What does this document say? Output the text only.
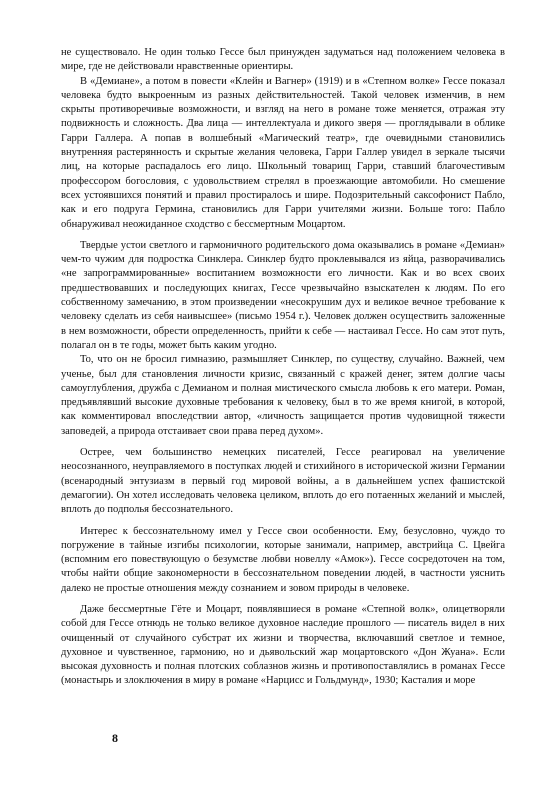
не существовало. Не один только Гессе был принужден задуматься над положением человека в мире, где не действовали нравственные ориентиры.

В «Демиане», а потом в повести «Клейн и Вагнер» (1919) и в «Степном волке» Гессе показал человека будто выкроенным из разных действительностей. Такой человек изменчив, в нем скрыты противоречивые возможности, и взгляд на него в романе тоже меняется, отражая эту подвижность и сложность. Два лица — интеллектуала и дикого зверя — проглядывали в облике Гарри Галлера. А попав в волшебный «Магический театр», где очевидными становились внутренняя растерянность и скрытые желания человека, Гарри Галлер увидел в зеркале тысячи лиц, на которые распадалось его лицо. Школьный товарищ Гарри, ставший благочестивым профессором богословия, с удовольствием стрелял в проезжающие автомобили. Но смешение всех устоявшихся понятий и правил простиралось и шире. Подозрительный саксофонист Пабло, как и его подруга Гермина, становились для Гарри учителями жизни. Больше того: Пабло обнаруживал неожиданное сходство с бессмертным Моцартом.

Твердые устои светлого и гармоничного родительского дома оказывались в романе «Демиан» чем-то чужим для подростка Синклера. Синклер будто проклевывался из яйца, разворачивались «не запрограммированные» воспитанием возможности его личности. Как и во всех своих предшествовавших и последующих книгах, Гессе чрезвычайно взыскателен к людям. По его собственному замечанию, в этом произведении «несокрушим дух и великое вечное требование к человеку сделать из себя наивысшее» (письмо 1954 г.). Человек должен осуществить заложенные в нем возможности, обрести определенность, прийти к себе — настаивал Гессе. Но сам этот путь, полагал он в те годы, может быть каким угодно.

То, что он не бросил гимназию, размышляет Синклер, по существу, случайно. Важней, чем ученье, был для становления личности кризис, связанный с кражей денег, зятем долгие часы самоуглубления, дружба с Демианом и полная мистического смысла любовь к его матери. Роман, предъявлявший высокие духовные требования к человеку, был в то же время книгой, в которой, как комментировал впоследствии автор, «личность защищается против чудовищной тяжести заповедей, а природа отстаивает свои права перед духом».

Острее, чем большинство немецких писателей, Гессе реагировал на увеличение неосознанного, неуправляемого в поступках людей и стихийного в исторической жизни Германии (всенародный энтузиазм в первый год мировой войны, а в дальнейшем успех фашистской демагогии). Он хотел исследовать человека целиком, вплоть до его потаенных желаний и мыслей, вплоть до подполья бессознательного.

Интерес к бессознательному имел у Гессе свои особенности. Ему, безусловно, чуждо то погружение в тайные изгибы психологии, которые занимали, например, австрийца С. Цвейга (вспомним его повествующую о безумстве любви новеллу «Амок»). Гессе сосредоточен на том, чтобы найти общие закономерности в бессознательном поведении людей, в частности уяснить далеко не простые отношения между сознанием и зовом природы в человеке.

Даже бессмертные Гёте и Моцарт, появлявшиеся в романе «Степной волк», олицетворяли собой для Гессе отнюдь не только великое духовное наследие прошлого — писатель видел в них очищенный от случайного субстрат их жизни и творчества, включавший светлое и темное, духовное и чувственное, гармонию, но и дьявольский жар моцартовского «Дон Жуана». Если высокая духовность и полная плотских соблазнов жизнь и противопоставлялись в романах Гессе (монастырь и злоключения в миру в романе «Нарцисс и Гольдмунд», 1930; Касталия и море

8
